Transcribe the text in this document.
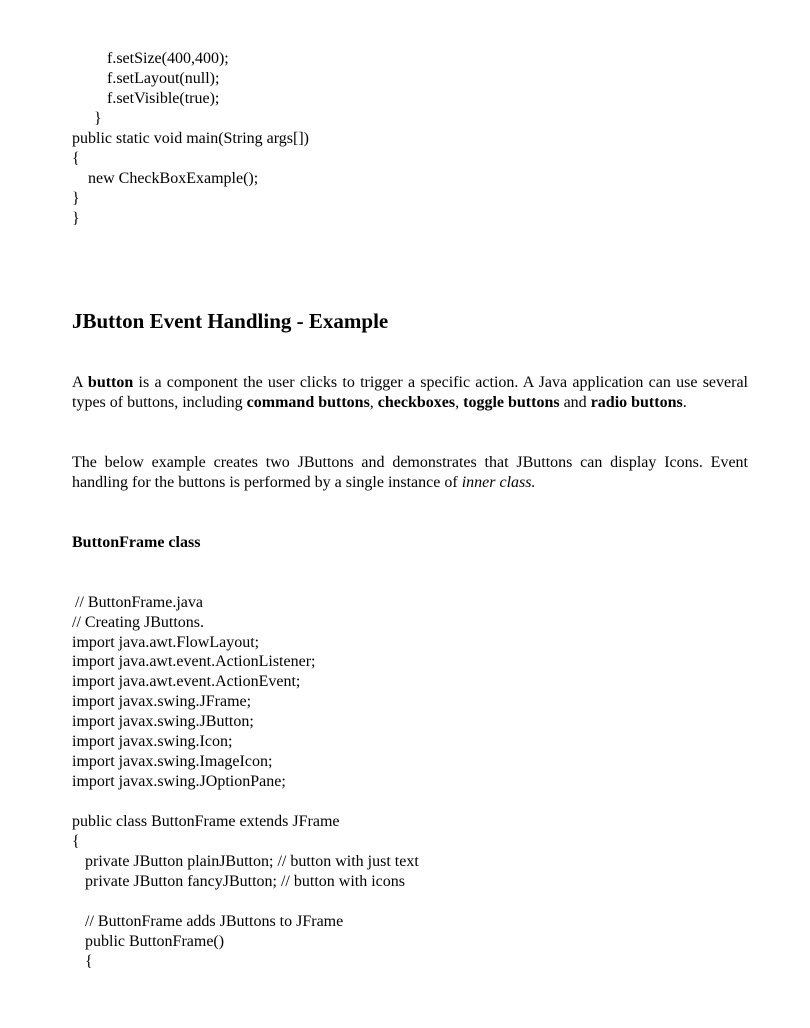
f.setSize(400,400);
f.setLayout(null);
f.setVisible(true);
}
public static void main(String args[])
{
new CheckBoxExample();
}
}
JButton Event Handling - Example

A button is a component the user clicks to trigger a specific action. A Java application can use several types of buttons, including command buttons, checkboxes, toggle buttons and radio buttons.

The below example creates two JButtons and demonstrates that JButtons can display Icons. Event handling for the buttons is performed by a single instance of inner class.

ButtonFrame class
// ButtonFrame.java
// Creating JButtons.
import java.awt.FlowLayout;
import java.awt.event.ActionListener;
import java.awt.event.ActionEvent;
import javax.swing.JFrame;
import javax.swing.JButton;
import javax.swing.Icon;
import javax.swing.ImageIcon;
import javax.swing.JOptionPane;
public class ButtonFrame extends JFrame
{
private JButton plainJButton; // button with just text
private JButton fancyJButton; // button with icons
// ButtonFrame adds JButtons to JFrame
public ButtonFrame()
{
